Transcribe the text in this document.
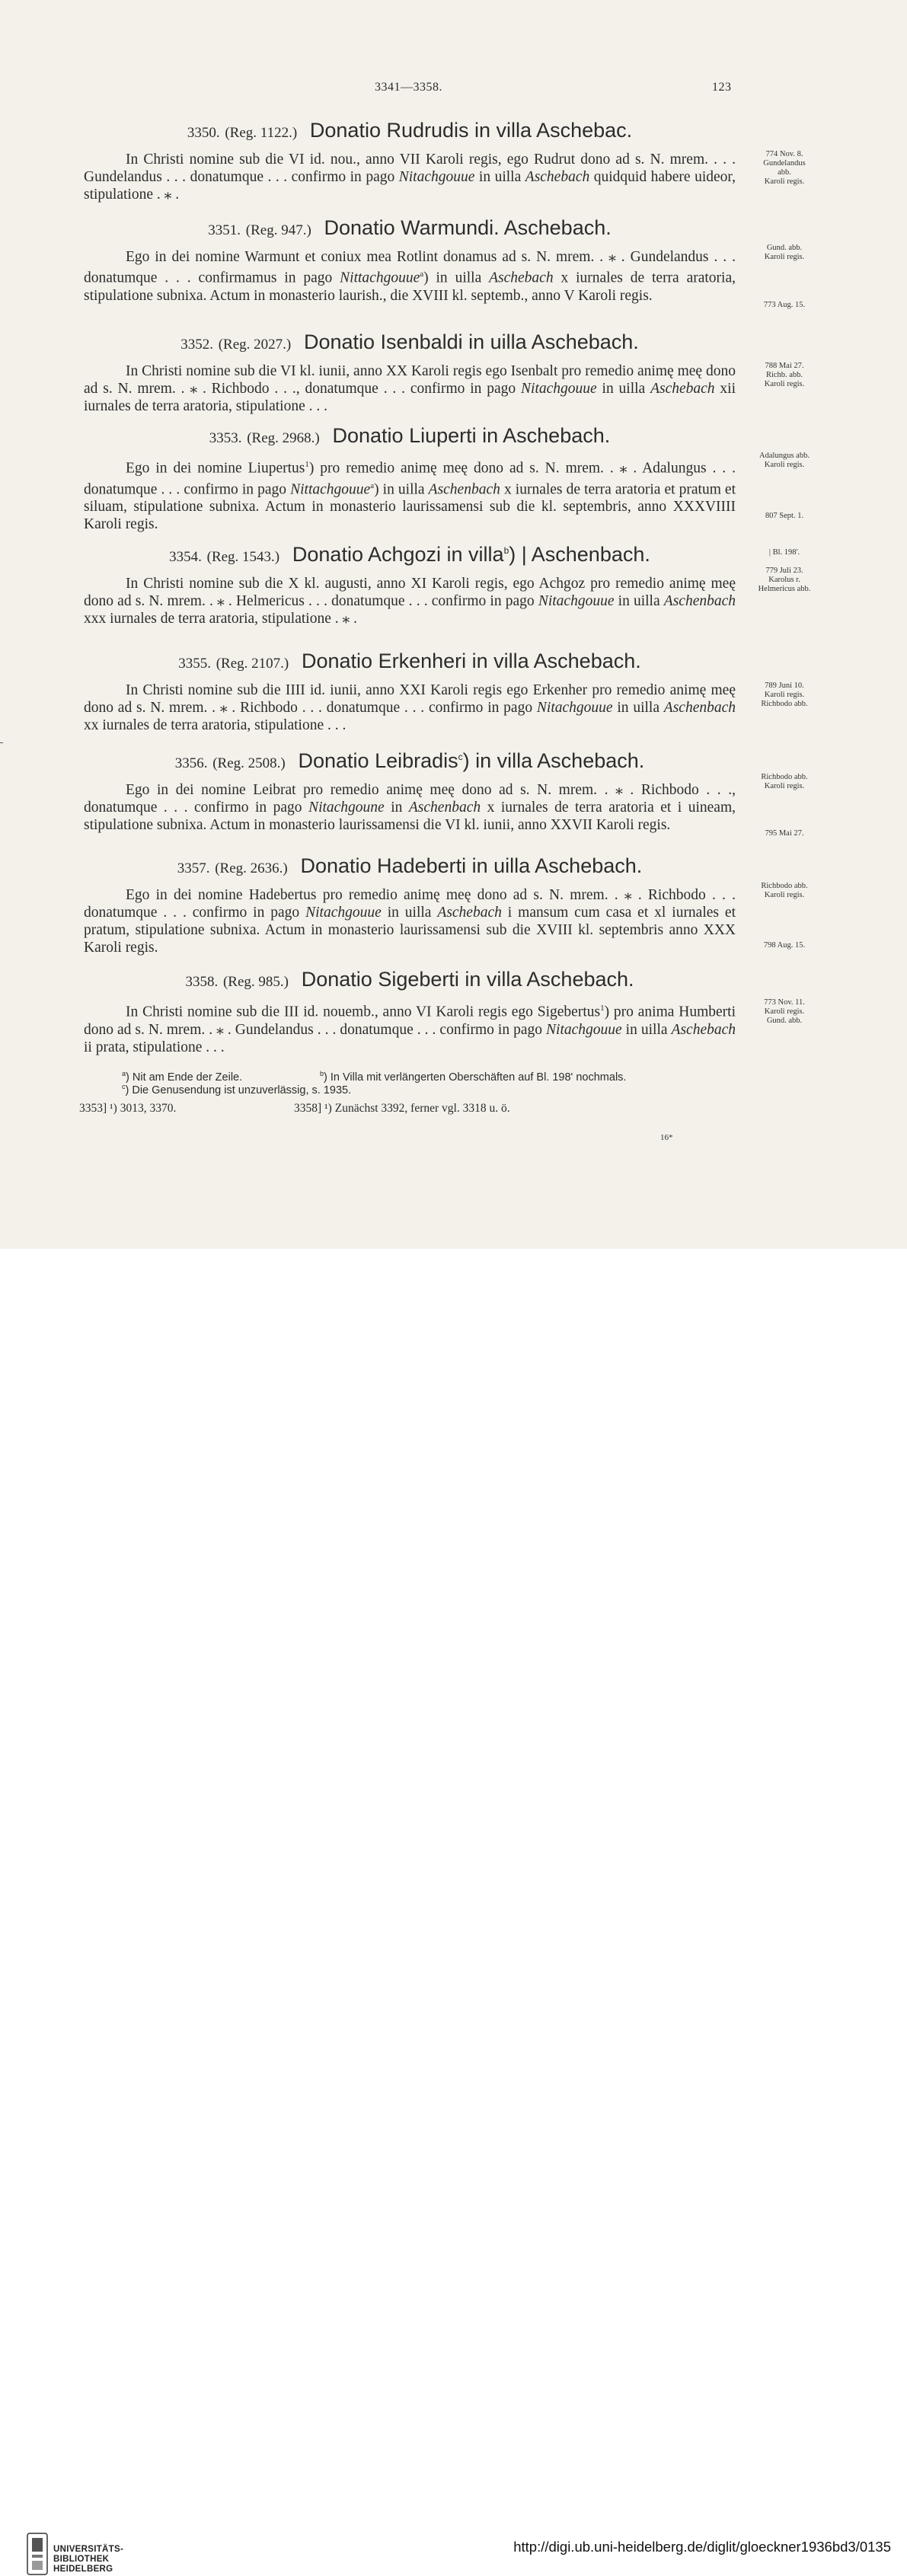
3341—3358.	123
3350. (Reg. 1122.) Donatio Rudrudis in villa Aschebac.
In Christi nomine sub die VI id. nou., anno VII Karoli regis, ego Rudrut dono ad s. N. mrem. . . . Gundelandus . . . donatumque . . . confirmo in pago Nitachgouue in uilla Aschebach quidquid habere uideor, stipulatione . ⁎ .
774 Nov. 8.
Gundelandus
abb.
Karoli regis.
3351. (Reg. 947.) Donatio Warmundi. Aschebach.
Ego in dei nomine Warmunt et coniux mea Rotlint donamus ad s. N. mrem. . ⁎ . Gundelandus . . . donatumque . . . confirmamus in pago Nittachgouue$^a$) in uilla Aschebach x iurnales de terra aratoria, stipulatione subnixa. Actum in monasterio laurish., die XVIII kl. septemb., anno V Karoli regis.
Gund. abb.
Karoli regis.
773 Aug. 15.
3352. (Reg. 2027.) Donatio Isenbaldi in uilla Aschebach.
In Christi nomine sub die VI kl. iunii, anno XX Karoli regis ego Isenbalt pro remedio animę meę dono ad s. N. mrem. . ⁎ . Richbodo . . ., donatumque . . . confirmo in pago Nitachgouue in uilla Aschebach xii iurnales de terra aratoria, stipulatione . . .
788 Mai 27.
Richb. abb.
Karoli regis.
3353. (Reg. 2968.) Donatio Liuperti in Aschebach.
Ego in dei nomine Liupertus$^1$) pro remedio animę meę dono ad s. N. mrem. . ⁎ . Adalungus . . . donatumque . . . confirmo in pago Nittachgouue$^a$) in uilla Aschenbach x iurnales de terra aratoria et pratum et siluam, stipulatione subnixa. Actum in monasterio laurissamensi sub die kl. septembris, anno XXXVIIII Karoli regis.
Adalungus abb.
Karoli regis.
807 Sept. 1.
3354. (Reg. 1543.) Donatio Achgozi in villa$^b$) | Aschenbach.
In Christi nomine sub die X kl. augusti, anno XI Karoli regis, ego Achgoz pro remedio animę meę dono ad s. N. mrem. . ⁎ . Helmericus . . . donatumque . . . confirmo in pago Nitachgouue in uilla Aschenbach xxx iurnales de terra aratoria, stipulatione . ⁎ .
| Bl. 198'.

779 Juli 23.
Karolus r.
Helmericus abb.
3355. (Reg. 2107.) Donatio Erkenheri in villa Aschebach.
In Christi nomine sub die IIII id. iunii, anno XXI Karoli regis ego Erkenher pro remedio animę meę dono ad s. N. mrem. . ⁎ . Richbodo . . . donatumque . . . confirmo in pago Nitachgouue in uilla Aschenbach xx iurnales de terra aratoria, stipulatione . . .
789 Juni 10.
Karoli regis.
Richbodo abb.
3356. (Reg. 2508.) Donatio Leibradis$^c$) in villa Aschebach.
Ego in dei nomine Leibrat pro remedio animę meę dono ad s. N. mrem. . ⁎ . Richbodo . . ., donatumque . . . confirmo in pago Nitachgoune in Aschenbach x iurnales de terra aratoria et i uineam, stipulatione subnixa. Actum in monasterio laurissamensi die VI kl. iunii, anno XXVII Karoli regis.
Richbodo abb.
Karoli regis.
795 Mai 27.
3357. (Reg. 2636.) Donatio Hadeberti in uilla Aschebach.
Ego in dei nomine Hadebertus pro remedio animę meę dono ad s. N. mrem. . ⁎ . Richbodo . . . donatumque . . . confirmo in pago Nitachgouue in uilla Aschebach i mansum cum casa et xl iurnales et pratum, stipulatione subnixa. Actum in monasterio laurissamensi sub die XVIII kl. septembris anno XXX Karoli regis.
Richbodo abb.
Karoli regis.
798 Aug. 15.
3358. (Reg. 985.) Donatio Sigeberti in villa Aschebach.
In Christi nomine sub die III id. nouemb., anno VI Karoli regis ego Sigebertus$^1$) pro anima Humberti dono ad s. N. mrem. . ⁎ . Gundelandus . . . donatumque . . . confirmo in pago Nitachgouue in uilla Aschebach ii prata, stipulatione . . .
773 Nov. 11.
Karoli regis.
Gund. abb.
$^a$) Nit am Ende der Zeile.	$^b$) In Villa mit verlängerten Oberschäften auf Bl. 198' nochmals.
$^c$) Die Genusendung ist unzuverlässig, s. 1935.
3353] ¹) 3013, 3370.	3358] ¹) Zunächst 3392, ferner vgl. 3318 u. ö.
16*
UNIVERSITÄTS-
BIBLIOTHEK
HEIDELBERG
http://digi.ub.uni-heidelberg.de/diglit/gloeckner1936bd3/0135
